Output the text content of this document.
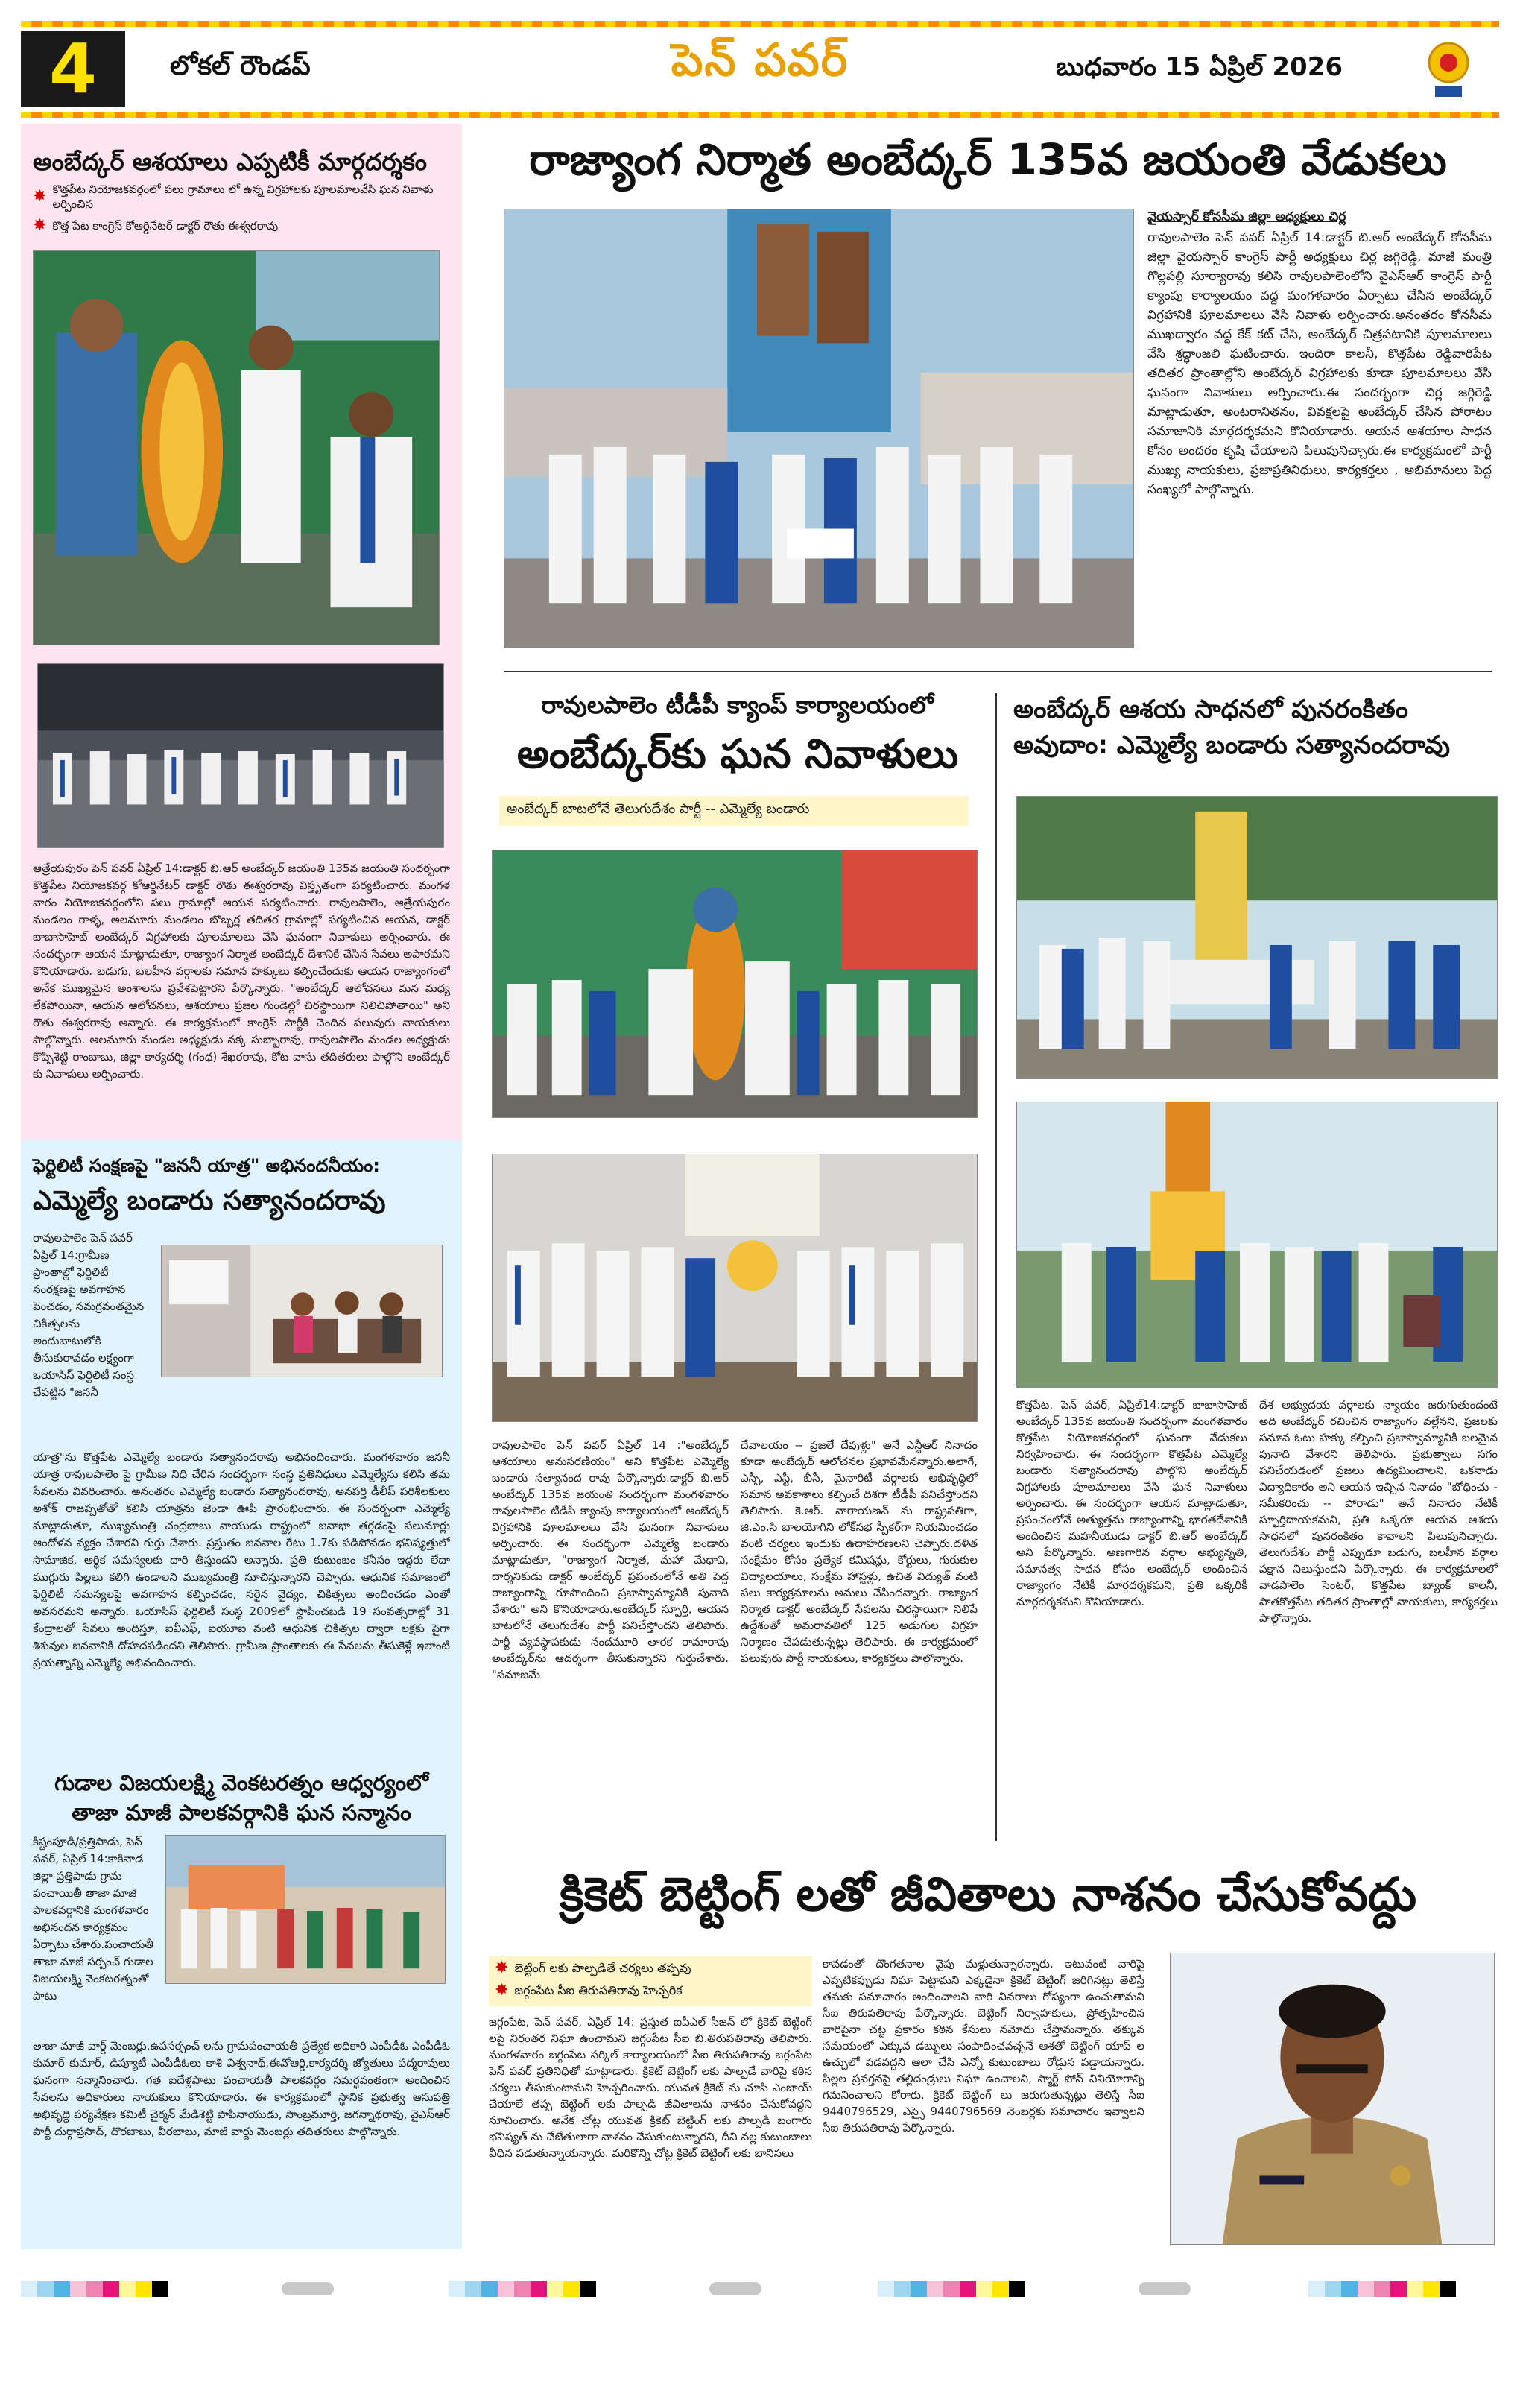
4	లోకల్ రౌండప్	పెన్ పవర్	బుధవారం 15 ఏప్రిల్ 2026
అంబేద్కర్ ఆశయాలు ఎప్పటికీ మార్గదర్శకం
✸ కొత్తపేట నియోజకవర్గంలో పలు గ్రామాలు లో ఉన్న విగ్రహాలకు పూలమాలవేసి ఘన నివాళు లర్పించిన
✸ కొత్త పేట కాంగ్రెస్ కోఆర్డినేటర్ డాక్టర్ రౌతు ఈశ్వరరావు
ఆత్రేయపురం పెన్ పవర్ ఏప్రిల్ 14:డాక్టర్ బి.ఆర్ అంబేద్కర్ జయంతి 135వ జయంతి సందర్భంగా కొత్తపేట నియోజకవర్గ కోఆర్డినేటర్ డాక్టర్ రౌతు ఈశ్వరరావు విస్తృతంగా పర్యటించారు. మంగళ వారం నియోజకవర్గంలోని పలు గ్రామాల్లో ఆయన పర్యటించారు. రావులపాలెం, ఆత్రేయపురం మండలం రాళ్ళ, అలమూరు మండలం బొబ్బర్ల తదితర గ్రామాల్లో పర్యటించిన ఆయన, డాక్టర్ బాబాసాహెబ్ అంబేద్కర్ విగ్రహాలకు పూలమాలలు వేసి ఘనంగా నివాళులు అర్పించారు. ఈ సందర్భంగా ఆయన మాట్లాడుతూ, రాజ్యాంగ నిర్మాత అంబేద్కర్ దేశానికి చేసిన సేవలు అపారమని కొనియాడారు. బడుగు, బలహీన వర్గాలకు సమాన హక్కులు కల్పించేందుకు ఆయన రాజ్యాంగంలో అనేక ముఖ్యమైన అంశాలను ప్రవేశపెట్టారని పేర్కొన్నారు. "అంబేద్కర్ ఆలోచనలు మన మధ్య లేకపోయినా, ఆయన ఆలోచనలు, ఆశయాలు ప్రజల గుండెల్లో చిరస్థాయిగా నిలిచిపోతాయి" అని రౌతు ఈశ్వరరావు అన్నారు. ఈ కార్యక్రమంలో కాంగ్రెస్ పార్టీకి చెందిన పలువురు నాయకులు పాల్గొన్నారు. అలమూరు మండల అధ్యక్షుడు నక్క సుబ్బారావు, రావులపాలెం మండల అధ్యక్షుడు కొప్పిశెట్టి రాంబాబు, జిల్లా కార్యదర్శి (గంధ) శేఖరరావు, కోట వాసు తదితరులు పాల్గొని అంబేద్కర్ కు నివాళులు అర్పించారు.
ఫెర్టిలిటీ సంక్షణపై "జననీ యాత్ర" అభినందనీయం:
ఎమ్మెల్యే బండారు సత్యానందరావు
రావులపాలెం పెన్ పవర్ ఏప్రిల్ 14:గ్రామీణ ప్రాంతాల్లో ఫెర్టిలిటీ సంరక్షణపై అవగాహన పెంచడం, సమగ్రవంతమైన చికిత్సలను అందుబాటులోకి తీసుకురావడం లక్ష్యంగా ఒయాసిస్ ఫెర్టిలిటీ సంస్థ చేపట్టిన "జననీ
యాత్ర"ను కొత్తపేట ఎమ్మెల్యే బండారు సత్యానందరావు అభినందించారు. మంగళవారం జననీ యాత్ర రావులపాలెం పై గ్రామీణ నిధి చేరిన సందర్భంగా సంస్థ ప్రతినిధులు ఎమ్మెల్యేను కలిసి తమ సేవలను వివరించారు. అనంతరం ఎమ్మెల్యే బండారు సత్యానందరావు, అనపర్తి డీలీప్ పరిశీలకులు అశోక్ రాజప్పతోతో కలిసి యాత్రను జెండా ఊపి ప్రారంభించారు. ఈ సందర్భంగా ఎమ్మెల్యే మాట్లాడుతూ, ముఖ్యమంత్రి చంద్రబాబు నాయుడు రాష్ట్రంలో జనాభా తగ్గడంపై పలుమార్లు ఆందోళన వ్యక్తం చేశారని గుర్తు చేశారు. ప్రస్తుతం జననాల రేటు 1.7కు పడిపోవడం భవిష్యత్తులో సామాజిక, ఆర్థిక సమస్యలకు దారి తీస్తుందని అన్నారు. ప్రతి కుటుంబం కనీసం ఇద్దరు లేదా ముగ్గురు పిల్లలు కలిగి ఉండాలని ముఖ్యమంత్రి సూచిస్తున్నారని చెప్పారు. ఆధునిక సమాజంలో ఫెర్టిలిటీ సమస్యలపై అవగాహన కల్పించడం, సరైన వైద్యం, చికిత్సలు అందించడం ఎంతో అవసరమని అన్నారు. ఒయాసిస్ ఫెర్టిలిటీ సంస్థ 2009లో స్థాపించబడి 19 సంవత్సరాల్లో 31 కేంద్రాలతో సేవలు అందిస్తూ, ఐవీఎఫ్, ఐయూఐ వంటి ఆధునిక చికిత్సల ద్వారా లక్షకు పైగా శిశువుల జననానికి దోహదపడిందని తెలిపారు. గ్రామీణ ప్రాంతాలకు ఈ సేవలను తీసుకెళ్లే ఇలాంటి ప్రయత్నాన్ని ఎమ్మెల్యే అభినందించారు.
గుడాల విజయలక్ష్మి వెంకటరత్నం ఆధ్వర్యంలో తాజా మాజీ పాలకవర్గానికి ఘన సన్మానం
కిష్టంపూడి/ప్రత్తిపాడు, పెన్ పవర్, ఏప్రిల్ 14:కాకినాడ జిల్లా ప్రత్తిపాడు గ్రామ పంచాయితీ తాజా మాజీ పాలకవర్గానికి మంగళవారం అభినందన కార్యక్రమం ఏర్పాటు చేశారు.పంచాయతీ తాజా మాజీ సర్పంచ్ గుడాల విజయలక్ష్మి వెంకటరత్నంతో పాటు
తాజా మాజీ వార్డ్ మెంబర్లు,ఉపసర్పంచ్ లను గ్రామపంచాయతీ ప్రత్యేక అధికారి ఎంపీడీఓ ఎంపీడీఓ కుమార్ కుమార్, డిప్యూటీ ఎంపీడీఓలు కాశీ విశ్వనాథ్,ఈవోఆర్డి,కార్యదర్శి జ్యోతులు పద్మరావులు ఘనంగా సన్మానించారు. గత ఐదేళ్లపాటు పంచాయతీ పాలకవర్గం సమర్థవంతంగా అందించిన సేవలను అధికారులు నాయకులు కొనియాడారు. ఈ కార్యక్రమంలో స్థానిక ప్రభుత్వ ఆసుపత్రి అభివృద్ధి పర్యవేక్షణ కమిటీ చైర్మన్ మేడిశెట్టి పాపినాయుడు, సాంబ్రమూర్తి, జగన్నాథరావు, వైఎస్ఆర్ పార్టీ దుర్గాప్రసాద్, దొరబాబు, వీరబాబు, మాజీ వార్డు మెంబర్లు తదితరులు పాల్గొన్నారు.
రాజ్యాంగ నిర్మాత అంబేద్కర్ 135వ జయంతి వేడుకలు
వైయస్సార్ కోనసీమ జిల్లా అధ్యక్షులు చిర్ల
రావులపాలెం పెన్ పవర్ ఏప్రిల్ 14:డాక్టర్ బి.ఆర్ అంబేద్కర్ కోనసీమ జిల్లా వైయస్సార్ కాంగ్రెస్ పార్టీ అధ్యక్షులు చిర్ల జగ్గిరెడ్డి, మాజీ మంత్రి గొల్లపల్లి సూర్యారావు కలిసి రావులపాలెంలోని వైఎస్ఆర్ కాంగ్రెస్ పార్టీ క్యాంపు కార్యాలయం వద్ద మంగళవారం ఏర్పాటు చేసిన అంబేద్కర్ విగ్రహానికి పూలమాలలు వేసి నివాళు లర్పించారు.అనంతరం కోనసీమ ముఖద్వారం వద్ద కేక్ కట్ చేసి, అంబేద్కర్ చిత్రపటానికి పూలమాలలు వేసి శ్రద్ధాంజలి ఘటించారు. ఇందిరా కాలనీ, కొత్తపేట రెడ్డివారిపేట తదితర ప్రాంతాల్లోని అంబేద్కర్ విగ్రహాలకు కూడా పూలమాలలు వేసి ఘనంగా నివాళులు అర్పించారు.ఈ సందర్భంగా చిర్ల జగ్గిరెడ్డి మాట్లాడుతూ, అంటరానితనం, వివక్షలపై అంబేద్కర్ చేసిన పోరాటం సమాజానికి మార్గదర్శకమని కొనియాడారు. ఆయన ఆశయాల సాధన కోసం అందరం కృషి చేయాలని పిలుపునిచ్చారు.ఈ కార్యక్రమంలో పార్టీ ముఖ్య నాయకులు, ప్రజాప్రతినిధులు, కార్యకర్తలు , అభిమానులు పెద్ద సంఖ్యలో పాల్గొన్నారు.
రావులపాలెం టీడీపీ క్యాంప్ కార్యాలయంలో
అంబేద్కర్‌కు ఘన నివాళులు
అంబేద్కర్ బాటలోనే తెలుగుదేశం పార్టీ -- ఎమ్మెల్యే బండారు
రావులపాలెం పెన్ పవర్ ఏప్రిల్ 14 :"అంబేద్కర్ ఆశయాలు అనుసరణీయం" అని కొత్తపేట ఎమ్మెల్యే బండారు సత్యానంద రావు పేర్కొన్నారు.డాక్టర్ బి.ఆర్ అంబేద్కర్ 135వ జయంతి సందర్భంగా మంగళవారం రావులపాలెం టీడీపీ క్యాంపు కార్యాలయంలో అంబేద్కర్ విగ్రహానికి పూలమాలలు వేసి ఘనంగా నివాళులు అర్పించారు. ఈ సందర్భంగా ఎమ్మెల్యే బండారు మాట్లాడుతూ, "రాజ్యాంగ నిర్మాత, మహా మేధావి, దార్శనికుడు డాక్టర్ అంబేద్కర్ ప్రపంచంలోనే అతి పెద్ద రాజ్యాంగాన్ని రూపొందించి ప్రజాస్వామ్యానికి పునాది వేశారు" అని కొనియాడారు.అంబేద్కర్ స్ఫూర్తి, ఆయన బాటలోనే తెలుగుదేశం పార్టీ పనిచేస్తోందని తెలిపారు. పార్టీ వ్యవస్థాపకుడు నందమూరి తారక రామారావు అంబేద్కర్‌ను ఆదర్శంగా తీసుకున్నారని గుర్తుచేశారు. "సమాజమే
దేవాలయం -- ప్రజలే దేవుళ్లు" అనే ఎన్టీఆర్ నినాదం కూడా అంబేద్కర్ ఆలోచనల ప్రభావమేనన్నారు.అలాగే, ఎస్సీ, ఎస్టీ, బీసీ, మైనారిటీ వర్గాలకు అభివృద్ధిలో సమాన అవకాశాలు కల్పించే దిశగా టీడీపీ పనిచేస్తోందని తెలిపారు. కె.ఆర్. నారాయణన్ ను రాష్ట్రపతిగా, జి.ఎం.సి బాలయోగిని లోక్‌సభ స్పీకర్‌గా నియమించడం వంటి చర్యలు ఇందుకు ఉదాహరణలని చెప్పారు.దళిత సంక్షేమం కోసం ప్రత్యేక కమిషన్లు, కోర్టులు, గురుకుల విద్యాలయాలు, సంక్షేమ హాస్టళ్లు, ఉచిత విద్యుత్ వంటి పలు కార్యక్రమాలను అమలు చేసిందన్నారు. రాజ్యాంగ నిర్మాత డాక్టర్ అంబేద్కర్ సేవలను చిరస్థాయిగా నిలిపే ఉద్దేశంతో అమరావతిలో 125 అడుగుల విగ్రహ నిర్మాణం చేపడుతున్నట్లు తెలిపారు. ఈ కార్యక్రమంలో పలువురు పార్టీ నాయకులు, కార్యకర్తలు పాల్గొన్నారు.
అంబేద్కర్ ఆశయ సాధనలో పునరంకితం అవుదాం: ఎమ్మెల్యే బండారు సత్యానందరావు
కొత్తపేట, పెన్ పవర్, ఏప్రిల్14:డాక్టర్ బాబాసాహెబ్ అంబేద్కర్ 135వ జయంతి సందర్భంగా మంగళవారం కొత్తపేట నియోజకవర్గంలో ఘనంగా వేడుకలు నిర్వహించారు. ఈ సందర్భంగా కొత్తపేట ఎమ్మెల్యే బండారు సత్యానందరావు పాల్గొని అంబేద్కర్ విగ్రహాలకు పూలమాలలు వేసి ఘన నివాళులు అర్పించారు. ఈ సందర్భంగా ఆయన మాట్లాడుతూ, ప్రపంచంలోనే అత్యుత్తమ రాజ్యాంగాన్ని భారతదేశానికి అందించిన మహనీయుడు డాక్టర్ బి.ఆర్ అంబేద్కర్ అని పేర్కొన్నారు. అణగారిన వర్గాల అభ్యున్నతి, సమానత్వ సాధన కోసం అంబేద్కర్ అందించిన రాజ్యాంగం నేటికీ మార్గదర్శకమని, ప్రతి ఒక్కరికీ మార్గదర్శకమని కొనియాడారు.
దేశ అభ్యుదయ వర్గాలకు న్యాయం జరుగుతుందంటే అది అంబేద్కర్ రచించిన రాజ్యాంగం వల్లేనని, ప్రజలకు సమాన ఓటు హక్కు కల్పించి ప్రజాస్వామ్యానికి బలమైన పునాది వేశారని తెలిపారు. ప్రభుత్వాలు సగం పనిచేయడంలో ప్రజలు ఉద్యమించాలని, ఒకనాడు విద్యాధికారం అని ఆయన ఇచ్చిన నినాదం "బోధించు - సమీకరించు -- పోరాడు" అనే నినాదం నేటికీ స్ఫూర్తిదాయకమని, ప్రతి ఒక్కరూ ఆయన ఆశయ సాధనలో పునరంకితం కావాలని పిలుపునిచ్చారు. తెలుగుదేశం పార్టీ ఎప్పుడూ బడుగు, బలహీన వర్గాల పక్షాన నిలుస్తుందని పేర్కొన్నారు. ఈ కార్యక్రమాలలో వాడపాలెం సెంటర్, కొత్తపేట బ్యాంక్ కాలనీ, పాతకొత్తపేట తదితర ప్రాంతాల్లో నాయకులు, కార్యకర్తలు పాల్గొన్నారు.
క్రికెట్ బెట్టింగ్ లతో జీవితాలు నాశనం చేసుకోవద్దు
✸ బెట్టింగ్ లకు పాల్పడితే చర్యలు తప్పవు
✸ జగ్గంపేట సీఐ తిరుపతిరావు హెచ్చరిక
జగ్గంపేట, పెన్ పవర్, ఏప్రిల్ 14: ప్రస్తుత ఐపీఎల్ సీజన్ లో క్రికెట్ బెట్టింగ్ లపై నిరంతర నిఘా ఉంచామని జగ్గంపేట సీఐ బి.తిరుపతిరావు తెలిపారు. మంగళవారం జగ్గంపేట సర్కిల్ కార్యాలయంలో సీఐ తిరుపతిరావు జగ్గంపేట పెన్ పవర్ ప్రతినిధితో మాట్లాడారు. క్రికెట్ బెట్టింగ్ లకు పాల్పడే వారిపై కఠిన చర్యలు తీసుకుంటామని హెచ్చరించారు. యువత క్రికెట్ ను చూసి ఎంజాయ్ చేయాలే తప్ప బెట్టింగ్ లకు పాల్పడి జీవితాలను నాశనం చేసుకోవద్దని సూచించారు. అనేక చోట్ల యువత క్రికెట్ బెట్టింగ్ లకు పాల్పడి బంగారు భవిష్యత్ ను చేజేతులారా నాశనం చేసుకుంటున్నారని, దీని వల్ల కుటుంబాలు వీధిన పడుతున్నాయన్నారు. మరికొన్ని చోట్ల క్రికెట్ బెట్టింగ్ లకు బానిసలు
కావడంతో దొంగతనాల వైపు మళ్లుతున్నారన్నారు. ఇటువంటి వారిపై ఎప్పటికప్పుడు నిఘా పెట్టామని ఎక్కడైనా క్రికెట్ బెట్టింగ్ జరిగినట్లు తెలిస్తే తమకు సమాచారం అందించాలని వారి వివరాలు గోప్యంగా ఉంచుతామని సీఐ తిరుపతిరావు పేర్కొన్నారు. బెట్టింగ్ నిర్వాహకులు, ప్రోత్సహించిన వారిపైనా చట్ట ప్రకారం కఠిన కేసులు నమోదు చేస్తామన్నారు. తక్కువ సమయంలో ఎక్కువ డబ్బులు సంపాదించవచ్చనే ఆశతో బెట్టింగ్ యాప్ ల ఉచ్చులో పడవద్దని ఆలా చేసి ఎన్నో కుటుంబాలు రోడ్డున పడ్డాయన్నారు. పిల్లల ప్రవర్తనపై తల్లిదండ్రులు నిఘా ఉంచాలని, స్మార్ట్ ఫోన్ వినియోగాన్ని గమనించాలని కోరారు. క్రికెట్ బెట్టింగ్ లు జరుగుతున్నట్లు తెలిస్తే సీఐ 9440796529, ఎస్సై 9440796569 నెంబర్లకు సమాచారం ఇవ్వాలని సీఐ తిరుపతిరావు పేర్కొన్నారు.
